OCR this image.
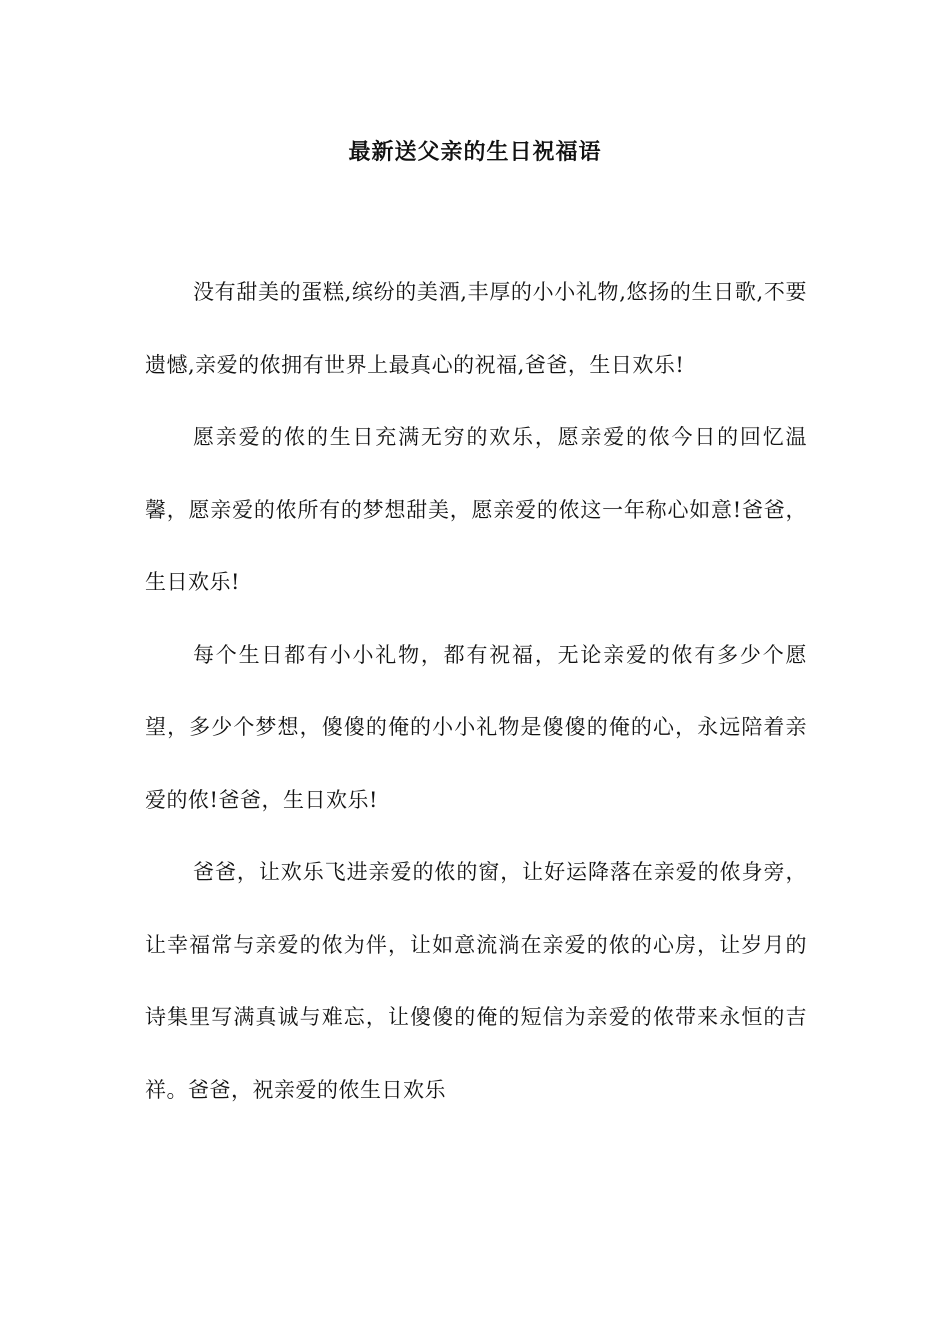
最新送父亲的生日祝福语

没有甜美的蛋糕,缤纷的美酒,丰厚的小小礼物,悠扬的生日歌,不要遗憾,亲爱的侬拥有世界上最真心的祝福,爸爸，生日欢乐!

愿亲爱的侬的生日充满无穷的欢乐，愿亲爱的侬今日的回忆温馨，愿亲爱的侬所有的梦想甜美，愿亲爱的侬这一年称心如意!爸爸，生日欢乐!

每个生日都有小小礼物，都有祝福，无论亲爱的侬有多少个愿望，多少个梦想，傻傻的俺的小小礼物是傻傻的俺的心，永远陪着亲爱的侬!爸爸，生日欢乐!

爸爸，让欢乐飞进亲爱的侬的窗，让好运降落在亲爱的侬身旁，让幸福常与亲爱的侬为伴，让如意流淌在亲爱的侬的心房，让岁月的诗集里写满真诚与难忘，让傻傻的俺的短信为亲爱的侬带来永恒的吉祥。爸爸，祝亲爱的侬生日欢乐
